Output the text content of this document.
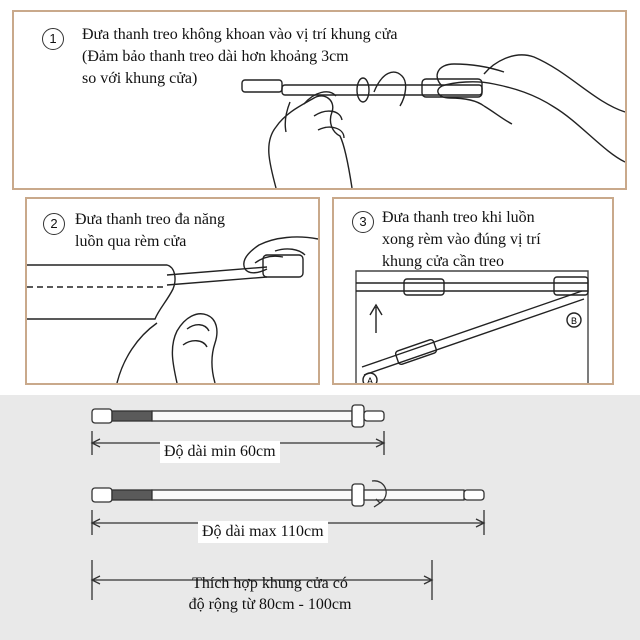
1	Đưa thanh treo không khoan vào vị trí khung cửa
(Đảm bảo thanh treo dài hơn khoảng 3cm
so với khung cửa)
2	Đưa thanh treo đa năng
luồn qua rèm cửa
3 Đưa thanh treo khi luồn
xong rèm vào đúng vị trí
khung cửa cần treo
A
B
Độ dài min 60cm
Độ dài max 110cm
Thích hợp khung cửa có
độ rộng từ 80cm - 100cm
